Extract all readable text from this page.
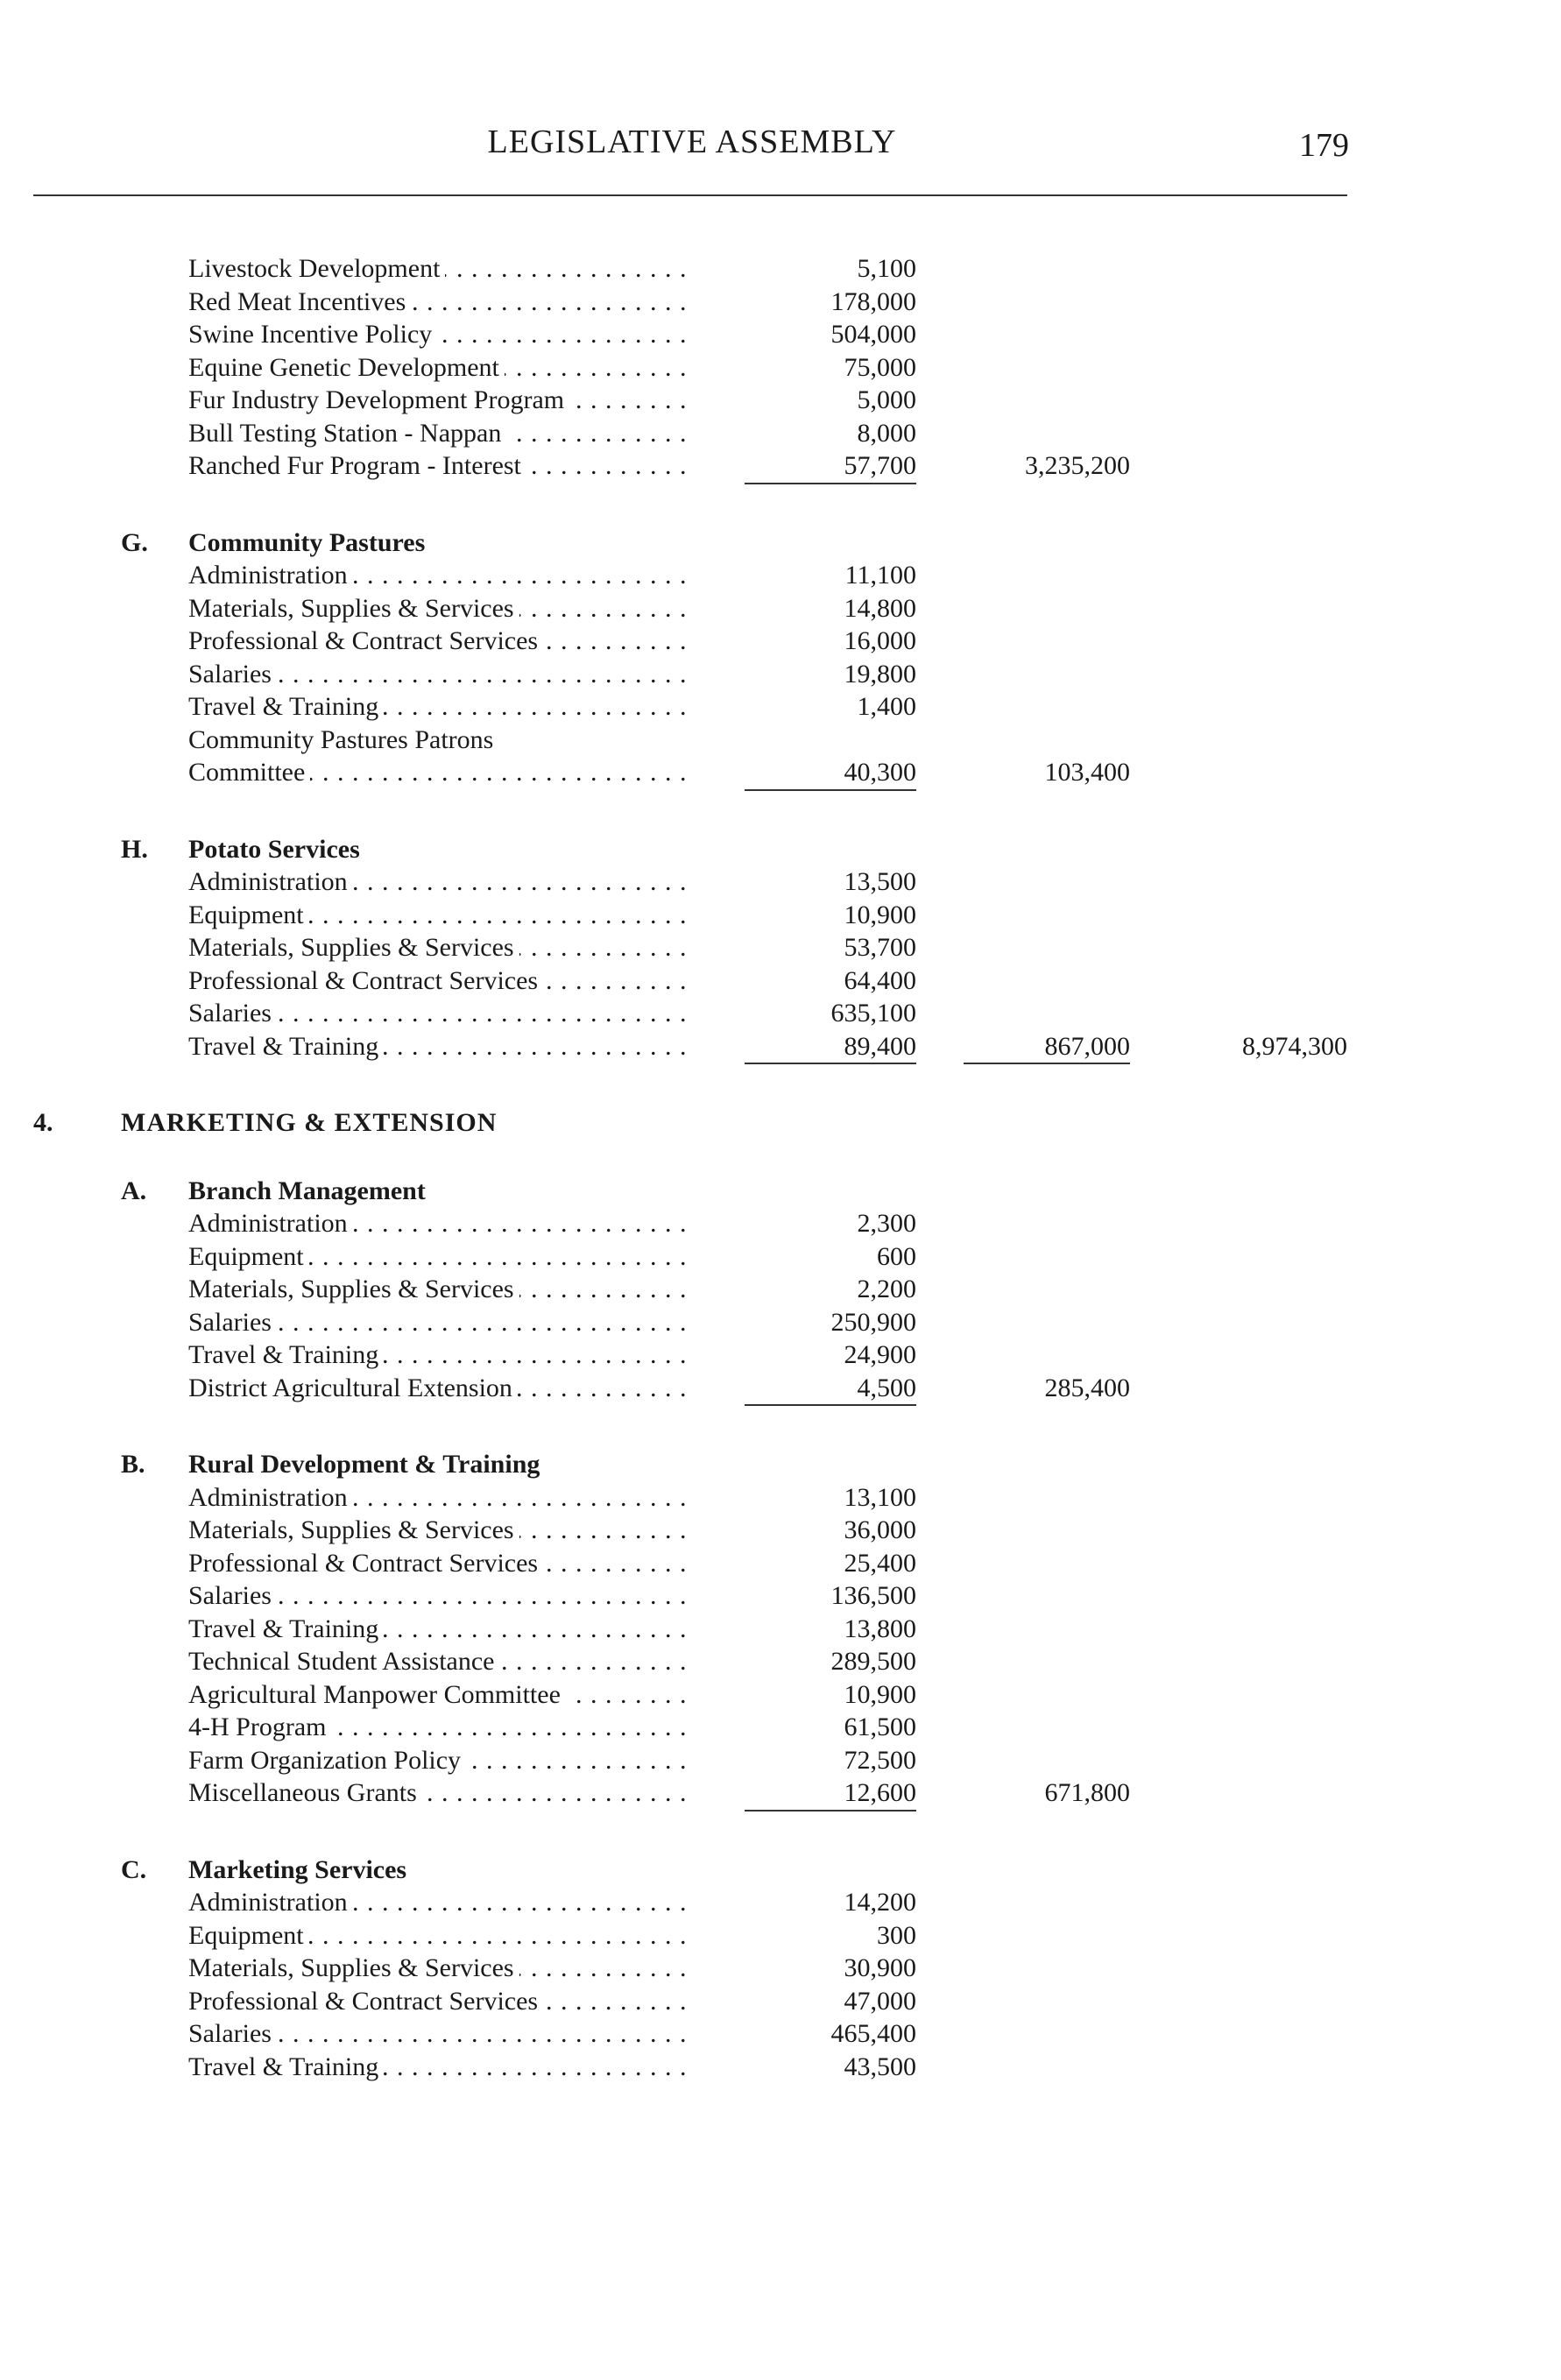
LEGISLATIVE ASSEMBLY	179
Livestock Development . . .	5,100
Red Meat Incentives . . .	178,000
Swine Incentive Policy . . .	504,000
Equine Genetic Development . . .	75,000
Fur Industry Development Program . . .	5,000
Bull Testing Station - Nappan . . .	8,000
Ranched Fur Program - Interest . . .	57,700	3,235,200
G. Community Pastures
Administration . . .	11,100
Materials, Supplies & Services . . .	14,800
Professional & Contract Services . . .	16,000
Salaries . . .	19,800
Travel & Training . . .	1,400
Community Pastures Patrons
Committee . . .	40,300	103,400
H. Potato Services
Administration . . .	13,500
Equipment . . .	10,900
Materials, Supplies & Services . . .	53,700
Professional & Contract Services . . .	64,400
Salaries . . .	635,100
Travel & Training . . .	89,400	867,000	8,974,300
4.	MARKETING & EXTENSION
A. Branch Management
Administration . . .	2,300
Equipment . . .	600
Materials, Supplies & Services . . .	2,200
Salaries . . .	250,900
Travel & Training . . .	24,900
District Agricultural Extension . . .	4,500	285,400
B. Rural Development & Training
Administration . . .	13,100
Materials, Supplies & Services . . .	36,000
Professional & Contract Services . . .	25,400
Salaries . . .	136,500
Travel & Training . . .	13,800
Technical Student Assistance . . .	289,500
Agricultural Manpower Committee . . .	10,900
4-H Program . . .	61,500
Farm Organization Policy . . .	72,500
Miscellaneous Grants . . .	12,600	671,800
C. Marketing Services
Administration . . .	14,200
Equipment . . .	300
Materials, Supplies & Services . . .	30,900
Professional & Contract Services . . .	47,000
Salaries . . .	465,400
Travel & Training . . .	43,500
